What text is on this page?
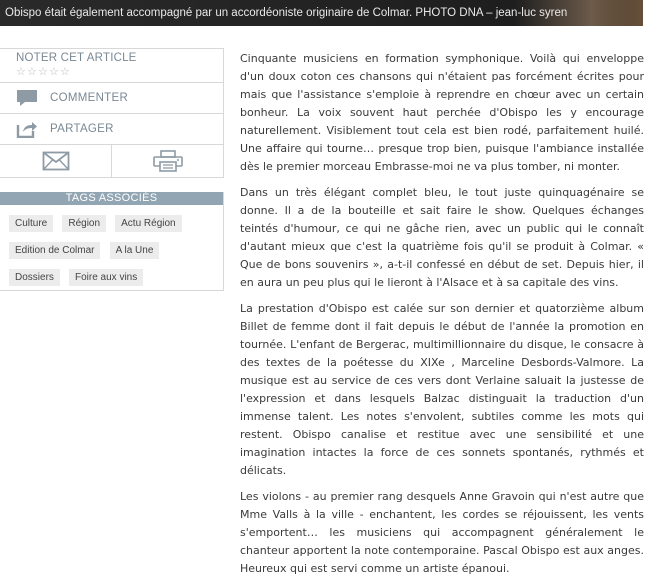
Obispo était également accompagné par un accordéoniste originaire de Colmar. PHOTO DNA – jean-luc syren
NOTER CET ARTICLE
☆☆☆☆☆
COMMENTER
PARTAGER
TAGS ASSOCIÉS
Culture Région Actu Région
Edition de Colmar A la Une
Dossiers Foire aux vins

Cinquante musiciens en formation symphonique. Voilà qui enveloppe d'un doux coton ces chansons qui n'étaient pas forcément écrites pour mais que l'assistance s'emploie à reprendre en chœur avec un certain bonheur. La voix souvent haut perchée d'Obispo les y encourage naturellement. Visiblement tout cela est bien rodé, parfaitement huilé. Une affaire qui tourne… presque trop bien, puisque l'ambiance installée dès le premier morceau Embrasse-moi ne va plus tomber, ni monter.

Dans un très élégant complet bleu, le tout juste quinquagénaire se donne. Il a de la bouteille et sait faire le show. Quelques échanges teintés d'humour, ce qui ne gâche rien, avec un public qui le connaît d'autant mieux que c'est la quatrième fois qu'il se produit à Colmar. « Que de bons souvenirs », a-t-il confessé en début de set. Depuis hier, il en aura un peu plus qui le lieront à l'Alsace et à sa capitale des vins.

La prestation d'Obispo est calée sur son dernier et quatorzième album Billet de femme dont il fait depuis le début de l'année la promotion en tournée. L'enfant de Bergerac, multimillionnaire du disque, le consacre à des textes de la poétesse du XIXe , Marceline Desbords-Valmore. La musique est au service de ces vers dont Verlaine saluait la justesse de l'expression et dans lesquels Balzac distinguait la traduction d'un immense talent. Les notes s'envolent, subtiles comme les mots qui restent. Obispo canalise et restitue avec une sensibilité et une imagination intactes la force de ces sonnets spontanés, rythmés et délicats.

Les violons - au premier rang desquels Anne Gravoin qui n'est autre que Mme Valls à la ville - enchantent, les cordes se réjouissent, les vents s'emportent… les musiciens qui accompagnent généralement le chanteur apportent la note contemporaine. Pascal Obispo est aux anges. Heureux qui est servi comme un artiste épanoui.
